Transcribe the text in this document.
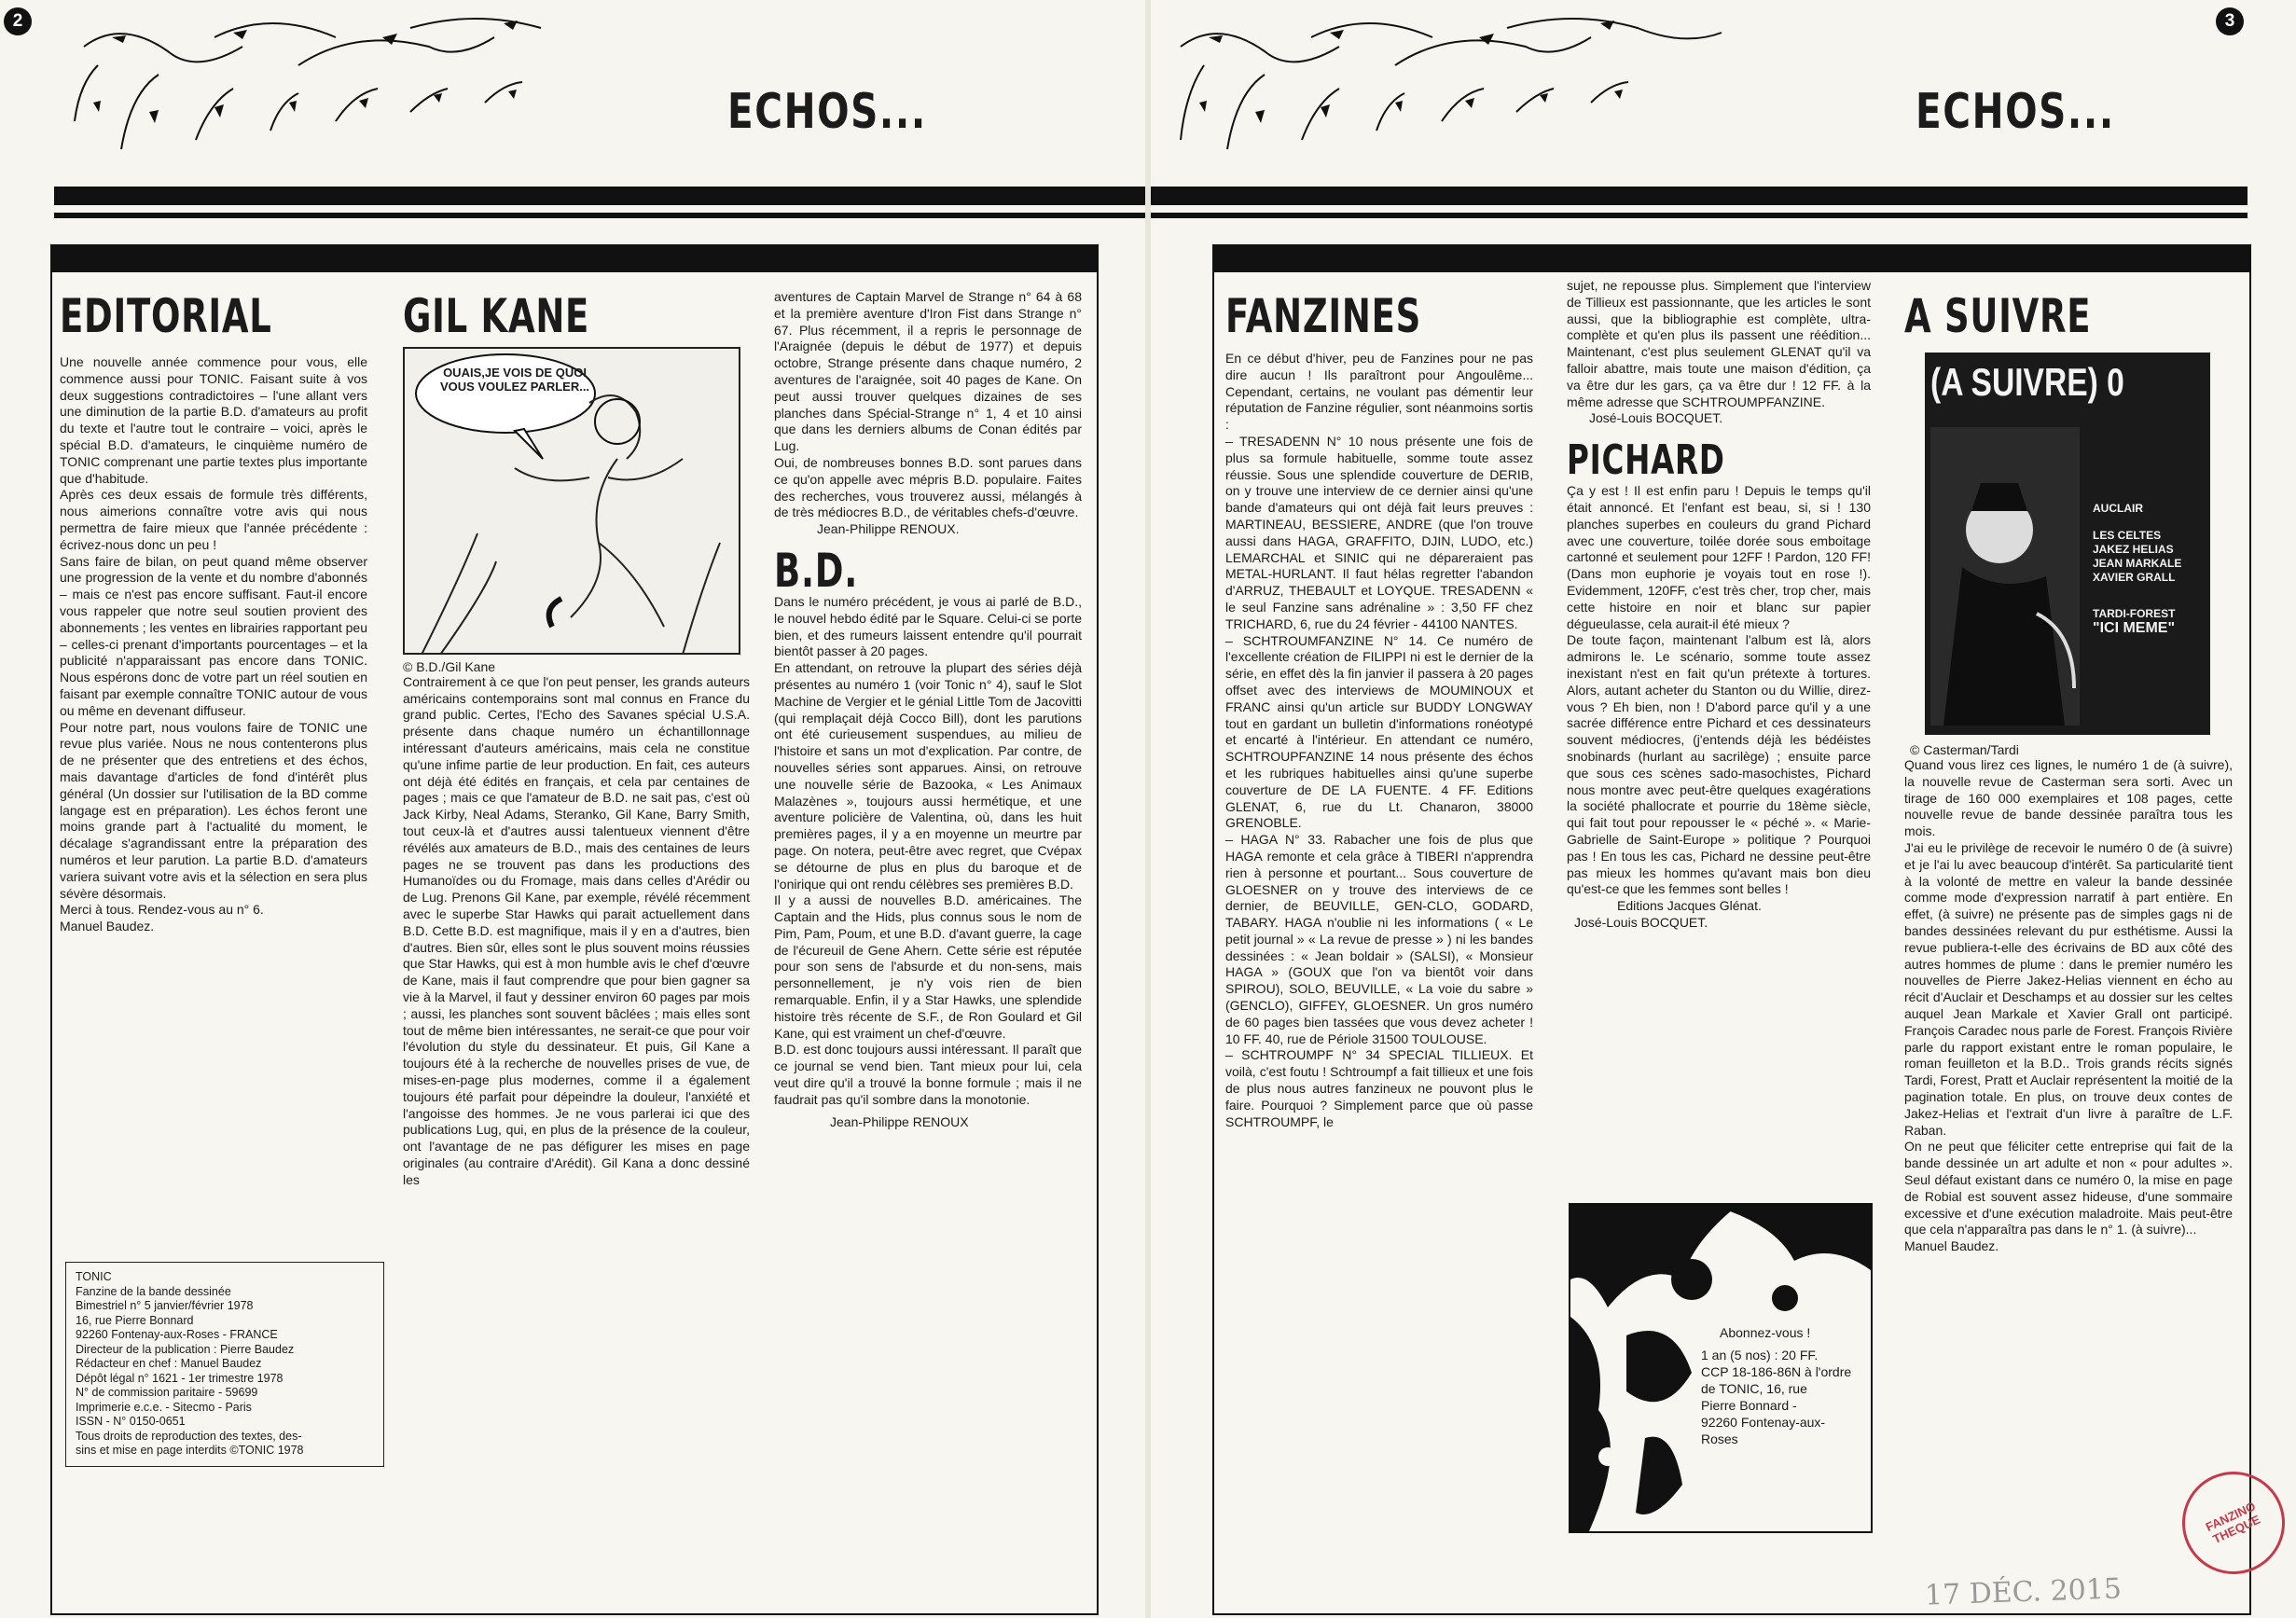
2
ECHOS...
EDITORIAL

Une nouvelle année commence pour vous, elle commence aussi pour TONIC. Faisant suite à vos deux suggestions contradictoires – l'une allant vers une diminution de la partie B.D. d'amateurs au profit du texte et l'autre tout le contraire – voici, après le spécial B.D. d'amateurs, le cinquième numéro de TONIC comprenant une partie textes plus importante que d'habitude.

Après ces deux essais de formule très différents, nous aimerions connaître votre avis qui nous permettra de faire mieux que l'année précédente : écrivez-nous donc un peu !

Sans faire de bilan, on peut quand même observer une progression de la vente et du nombre d'abonnés – mais ce n'est pas encore suffisant. Faut-il encore vous rappeler que notre seul soutien provient des abonnements ; les ventes en librairies rapportant peu – celles-ci prenant d'importants pourcentages – et la publicité n'apparaissant pas encore dans TONIC. Nous espérons donc de votre part un réel soutien en faisant par exemple connaître TONIC autour de vous ou même en devenant diffuseur.

Pour notre part, nous voulons faire de TONIC une revue plus variée. Nous ne nous contenterons plus de ne présenter que des entretiens et des échos, mais davantage d'articles de fond d'intérêt plus général (Un dossier sur l'utilisation de la BD comme langage est en préparation). Les échos feront une moins grande part à l'actualité du moment, le décalage s'agrandissant entre la préparation des numéros et leur parution. La partie B.D. d'amateurs variera suivant votre avis et la sélection en sera plus sévère désormais.

Merci à tous. Rendez-vous au n° 6.

Manuel Baudez.

TONIC
Fanzine de la bande dessinée
Bimestriel n° 5 janvier/février 1978
16, rue Pierre Bonnard
92260 Fontenay-aux-Roses - FRANCE
Directeur de la publication : Pierre Baudez
Rédacteur en chef : Manuel Baudez
Dépôt légal n° 1621 - 1er trimestre 1978
N° de commission paritaire - 59699
Imprimerie e.c.e. - Sitecmo - Paris
ISSN - N° 0150-0651
Tous droits de reproduction des textes, des-
sins et mise en page interdits ©TONIC 1978
GIL KANE
OUAIS,JE VOIS DE QUOI VOUS VOULEZ PARLER...
© B.D./Gil Kane

Contrairement à ce que l'on peut penser, les grands auteurs américains contemporains sont mal connus en France du grand public. Certes, l'Echo des Savanes spécial U.S.A. présente dans chaque numéro un échantillonnage intéressant d'auteurs américains, mais cela ne constitue qu'une infime partie de leur production. En fait, ces auteurs ont déjà été édités en français, et cela par centaines de pages ; mais ce que l'amateur de B.D. ne sait pas, c'est où Jack Kirby, Neal Adams, Steranko, Gil Kane, Barry Smith, tout ceux-là et d'autres aussi talentueux viennent d'être révélés aux amateurs de B.D., mais des centaines de leurs pages ne se trouvent pas dans les productions des Humanoïdes ou du Fromage, mais dans celles d'Arédir ou de Lug. Prenons Gil Kane, par exemple, révélé récemment avec le superbe Star Hawks qui parait actuellement dans B.D. Cette B.D. est magnifique, mais il y en a d'autres, bien d'autres. Bien sûr, elles sont le plus souvent moins réussies que Star Hawks, qui est à mon humble avis le chef d'œuvre de Kane, mais il faut comprendre que pour bien gagner sa vie à la Marvel, il faut y dessiner environ 60 pages par mois ; aussi, les planches sont souvent bâclées ; mais elles sont tout de même bien intéressantes, ne serait-ce que pour voir l'évolution du style du dessinateur. Et puis, Gil Kane a toujours été à la recherche de nouvelles prises de vue, de mises-en-page plus modernes, comme il a également toujours été parfait pour dépeindre la douleur, l'anxiété et l'angoisse des hommes. Je ne vous parlerai ici que des publications Lug, qui, en plus de la présence de la couleur, ont l'avantage de ne pas défigurer les mises en page originales (au contraire d'Arédit). Gil Kana a donc dessiné les

aventures de Captain Marvel de Strange n° 64 à 68 et la première aventure d'Iron Fist dans Strange n° 67. Plus récemment, il a repris le personnage de l'Araignée (depuis le début de 1977) et depuis octobre, Strange présente dans chaque numéro, 2 aventures de l'araignée, soit 40 pages de Kane. On peut aussi trouver quelques dizaines de ses planches dans Spécial-Strange n° 1, 4 et 10 ainsi que dans les derniers albums de Conan édités par Lug.

Oui, de nombreuses bonnes B.D. sont parues dans ce qu'on appelle avec mépris B.D. populaire. Faites des recherches, vous trouverez aussi, mélangés à de très médiocres B.D., de véritables chefs-d'œuvre.

Jean-Philippe RENOUX.

B.D.

Dans le numéro précédent, je vous ai parlé de B.D., le nouvel hebdo édité par le Square. Celui-ci se porte bien, et des rumeurs laissent entendre qu'il pourrait bientôt passer à 20 pages.

En attendant, on retrouve la plupart des séries déjà présentes au numéro 1 (voir Tonic n° 4), sauf le Slot Machine de Vergier et le génial Little Tom de Jacovitti (qui remplaçait déjà Cocco Bill), dont les parutions ont été curieusement suspendues, au milieu de l'histoire et sans un mot d'explication. Par contre, de nouvelles séries sont apparues. Ainsi, on retrouve une nouvelle série de Bazooka, « Les Animaux Malazènes », toujours aussi hermétique, et une aventure policière de Valentina, où, dans les huit premières pages, il y a en moyenne un meurtre par page. On notera, peut-être avec regret, que Cvépax se détourne de plus en plus du baroque et de l'onirique qui ont rendu célèbres ses premières B.D.

Il y a aussi de nouvelles B.D. américaines. The Captain and the Hids, plus connus sous le nom de Pim, Pam, Poum, et une B.D. d'avant guerre, la cage de l'écureuil de Gene Ahern. Cette série est réputée pour son sens de l'absurde et du non-sens, mais personnellement, je n'y vois rien de bien remarquable. Enfin, il y a Star Hawks, une splendide histoire très récente de S.F., de Ron Goulard et Gil Kane, qui est vraiment un chef-d'œuvre.

B.D. est donc toujours aussi intéressant. Il paraît que ce journal se vend bien. Tant mieux pour lui, cela veut dire qu'il a trouvé la bonne formule ; mais il ne faudrait pas qu'il sombre dans la monotonie.

Jean-Philippe RENOUX

3
ECHOS...
FANZINES

En ce début d'hiver, peu de Fanzines pour ne pas dire aucun ! Ils paraîtront pour Angoulême... Cependant, certains, ne voulant pas démentir leur réputation de Fanzine régulier, sont néanmoins sortis :

– TRESADENN N° 10 nous présente une fois de plus sa formule habituelle, somme toute assez réussie. Sous une splendide couverture de DERIB, on y trouve une interview de ce dernier ainsi qu'une bande d'amateurs qui ont déjà fait leurs preuves : MARTINEAU, BESSIERE, ANDRE (que l'on trouve aussi dans HAGA, GRAFFITO, DJIN, LUDO, etc.) LEMARCHAL et SINIC qui ne dépareraient pas METAL-HURLANT. Il faut hélas regretter l'abandon d'ARRUZ, THEBAULT et LOYQUE. TRESADENN « le seul Fanzine sans adrénaline » : 3,50 FF chez TRICHARD, 6, rue du 24 février - 44100 NANTES.

– SCHTROUMFANZINE N° 14. Ce numéro de l'excellente création de FILIPPI ni est le dernier de la série, en effet dès la fin janvier il passera à 20 pages offset avec des interviews de MOUMINOUX et FRANC ainsi qu'un article sur BUDDY LONGWAY tout en gardant un bulletin d'informations ronéotypé et encarté à l'intérieur. En attendant ce numéro, SCHTROUPFANZINE 14 nous présente des échos et les rubriques habituelles ainsi qu'une superbe couverture de DE LA FUENTE. 4 FF. Editions GLENAT, 6, rue du Lt. Chanaron, 38000 GRENOBLE.

– HAGA N° 33. Rabacher une fois de plus que HAGA remonte et cela grâce à TIBERI n'apprendra rien à personne et pourtant... Sous couverture de GLOESNER on y trouve des interviews de ce dernier, de BEUVILLE, GEN-CLO, GODARD, TABARY. HAGA n'oublie ni les informations ( « Le petit journal » « La revue de presse » ) ni les bandes dessinées : « Jean boldair » (SALSI), « Monsieur HAGA » (GOUX que l'on va bientôt voir dans SPIROU), SOLO, BEUVILLE, « La voie du sabre » (GENCLO), GIFFEY, GLOESNER. Un gros numéro de 60 pages bien tassées que vous devez acheter ! 10 FF. 40, rue de Périole 31500 TOULOUSE.

– SCHTROUMPF N° 34 SPECIAL TILLIEUX. Et voilà, c'est foutu ! Schtroumpf a fait tillieux et une fois de plus nous autres fanzineux ne pouvont plus le faire. Pourquoi ? Simplement parce que où passe SCHTROUMPF, le

sujet, ne repousse plus. Simplement que l'interview de Tillieux est passionnante, que les articles le sont aussi, que la bibliographie est complète, ultra-complète et qu'en plus ils passent une réédition... Maintenant, c'est plus seulement GLENAT qu'il va falloir abattre, mais toute une maison d'édition, ça va être dur les gars, ça va être dur ! 12 FF. à la même adresse que SCHTROUMPFANZINE.

José-Louis BOCQUET.

PICHARD

Ça y est ! Il est enfin paru ! Depuis le temps qu'il était annoncé. Et l'enfant est beau, si, si ! 130 planches superbes en couleurs du grand Pichard avec une couverture, toilée dorée sous emboitage cartonné et seulement pour 12FF ! Pardon, 120 FF! (Dans mon euphorie je voyais tout en rose !). Evidemment, 120FF, c'est très cher, trop cher, mais cette histoire en noir et blanc sur papier dégueulasse, cela aurait-il été mieux ?

De toute façon, maintenant l'album est là, alors admirons le. Le scénario, somme toute assez inexistant n'est en fait qu'un prétexte à tortures. Alors, autant acheter du Stanton ou du Willie, direz-vous ? Eh bien, non ! D'abord parce qu'il y a une sacrée différence entre Pichard et ces dessinateurs souvent médiocres, (j'entends déjà les bédéistes snobinards (hurlant au sacrilège) ; ensuite parce que sous ces scènes sado-masochistes, Pichard nous montre avec peut-être quelques exagérations la société phallocrate et pourrie du 18ème siècle, qui fait tout pour repousser le « péché ». « Marie-Gabrielle de Saint-Europe » politique ? Pourquoi pas ! En tous les cas, Pichard ne dessine peut-être pas mieux les hommes qu'avant mais bon dieu qu'est-ce que les femmes sont belles !

Editions Jacques Glénat.

José-Louis BOCQUET.

Abonnez-vous !
1 an (5 nos) : 20 FF.
CCP 18-186-86N à l'ordre de TONIC, 16, rue
Pierre Bonnard -
92260 Fontenay-aux-
Roses
A SUIVRE
(A SUIVRE) 0
AUCLAIR
LES CELTES
JAKEZ HELIAS
JEAN MARKALE
XAVIER GRALL
TARDI-FOREST
"ICI MEME"
© Casterman/Tardi

Quand vous lirez ces lignes, le numéro 1 de (à suivre), la nouvelle revue de Casterman sera sorti. Avec un tirage de 160 000 exemplaires et 108 pages, cette nouvelle revue de bande dessinée paraîtra tous les mois.

J'ai eu le privilège de recevoir le numéro 0 de (à suivre) et je l'ai lu avec beaucoup d'intérêt. Sa particularité tient à la volonté de mettre en valeur la bande dessinée comme mode d'expression narratif à part entière. En effet, (à suivre) ne présente pas de simples gags ni de bandes dessinées relevant du pur esthétisme. Aussi la revue publiera-t-elle des écrivains de BD aux côté des autres hommes de plume : dans le premier numéro les nouvelles de Pierre Jakez-Helias viennent en écho au récit d'Auclair et Deschamps et au dossier sur les celtes auquel Jean Markale et Xavier Grall ont participé. François Caradec nous parle de Forest. François Rivière parle du rapport existant entre le roman populaire, le roman feuilleton et la B.D.. Trois grands récits signés Tardi, Forest, Pratt et Auclair représentent la moitié de la pagination totale. En plus, on trouve deux contes de Jakez-Helias et l'extrait d'un livre à paraître de L.F. Raban.

On ne peut que féliciter cette entreprise qui fait de la bande dessinée un art adulte et non « pour adultes ». Seul défaut existant dans ce numéro 0, la mise en page de Robial est souvent assez hideuse, d'une sommaire excessive et d'une exécution maladroite. Mais peut-être que cela n'apparaîtra pas dans le n° 1. (à suivre)...

Manuel Baudez.

FANZINO THEQUE
17 DÉC. 2015
